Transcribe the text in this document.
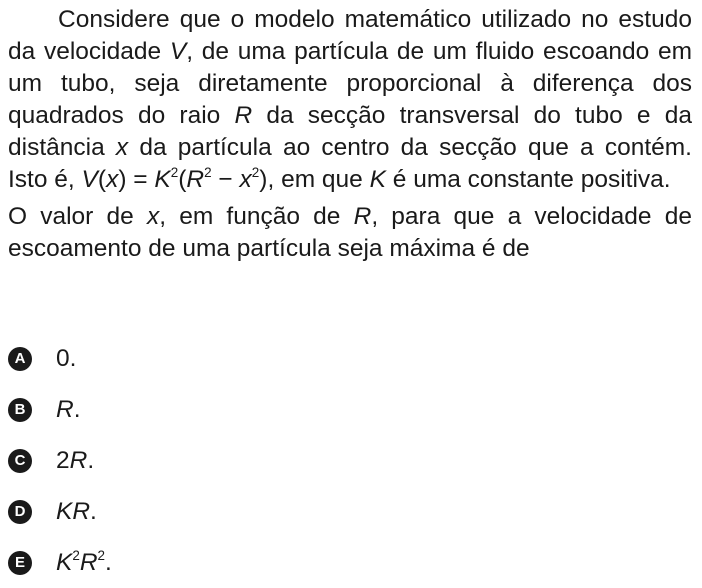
Considere que o modelo matemático utilizado no estudo da velocidade V, de uma partícula de um fluido escoando em um tubo, seja diretamente proporcional à diferença dos quadrados do raio R da secção transversal do tubo e da distância x da partícula ao centro da secção que a contém. Isto é, $V(x) = K^2(R^2 - x^2)$, em que K é uma constante positiva.

O valor de x, em função de R, para que a velocidade de escoamento de uma partícula seja máxima é de

A 0.
B R.
C 2R.
D KR.
E $K^2R^2$.
